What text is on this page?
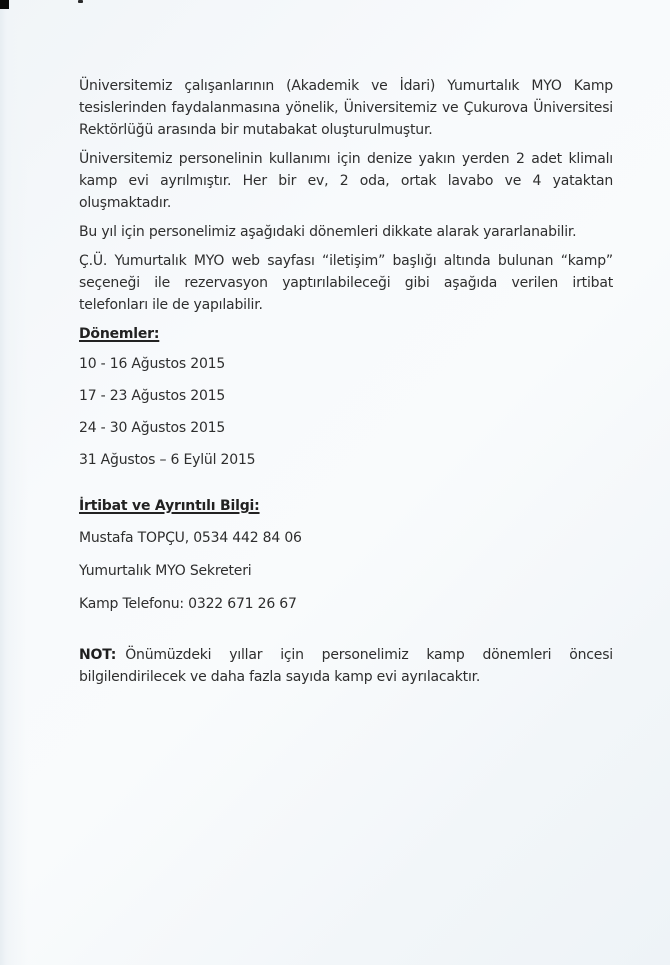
Üniversitemiz çalışanlarının (Akademik ve İdari) Yumurtalık MYO Kamp tesislerinden faydalanmasına yönelik, Üniversitemiz ve Çukurova Üniversitesi Rektörlüğü arasında bir mutabakat oluşturulmuştur.

Üniversitemiz personelinin kullanımı için denize yakın yerden 2 adet klimalı kamp evi ayrılmıştır. Her bir ev, 2 oda, ortak lavabo ve 4 yataktan oluşmaktadır.

Bu yıl için personelimiz aşağıdaki dönemleri dikkate alarak yararlanabilir.

Ç.Ü. Yumurtalık MYO web sayfası “iletişim” başlığı altında bulunan “kamp” seçeneği ile rezervasyon yaptırılabileceği gibi aşağıda verilen irtibat telefonları ile de yapılabilir.

Dönemler:

10 - 16 Ağustos 2015

17 - 23 Ağustos 2015

24 - 30 Ağustos 2015

31 Ağustos – 6 Eylül 2015

İrtibat ve Ayrıntılı Bilgi:

Mustafa TOPÇU, 0534 442 84 06

Yumurtalık MYO Sekreteri

Kamp Telefonu: 0322 671 26 67

NOT: Önümüzdeki yıllar için personelimiz kamp dönemleri öncesi bilgilendirilecek ve daha fazla sayıda kamp evi ayrılacaktır.
